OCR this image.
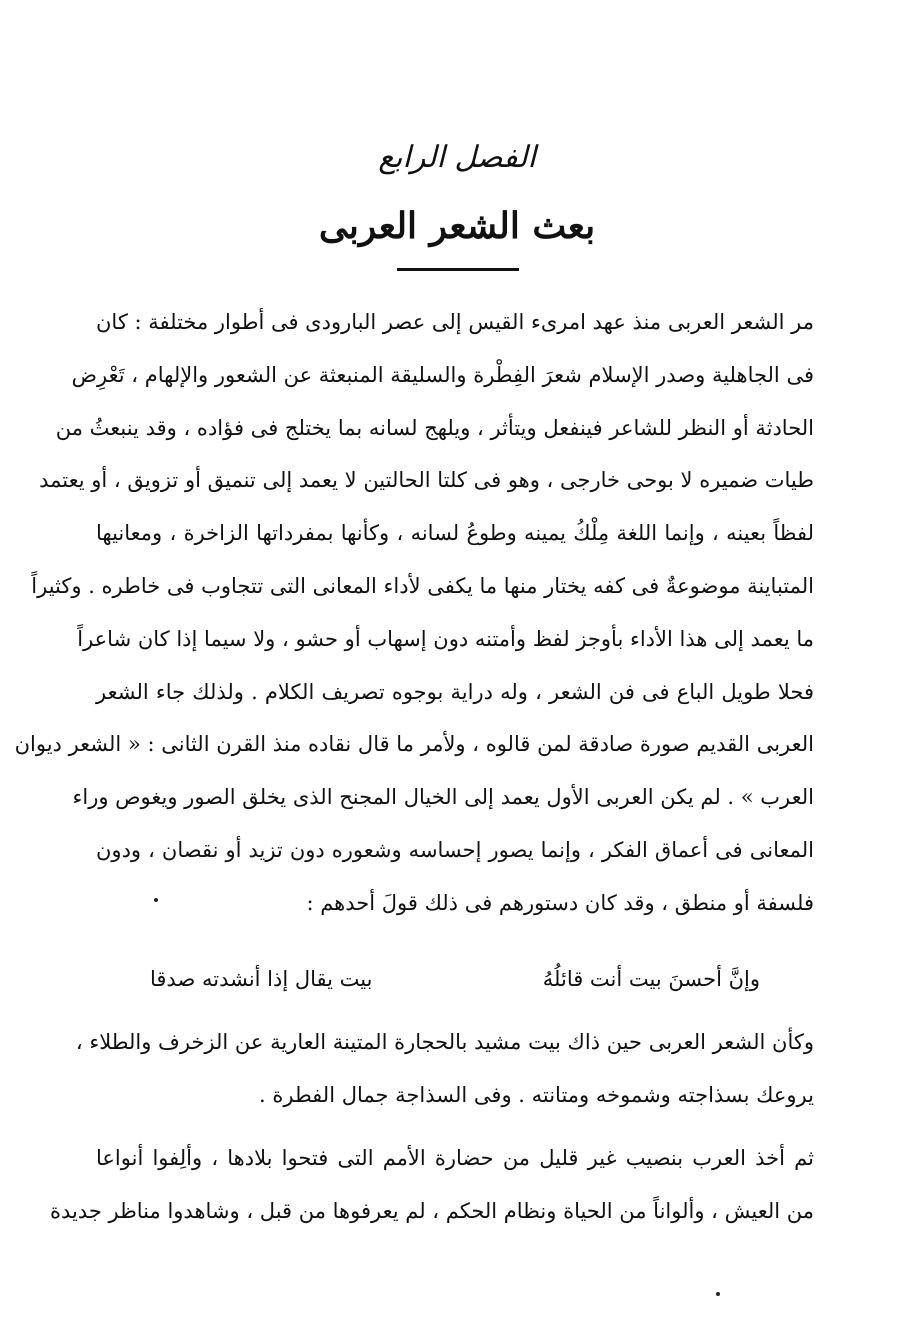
الفصل الرابع
بعث الشعر العربى
مر الشعر العربى منذ عهد امرىء القيس إلى عصر البارودى فى أطوار مختلفة : كان
فى الجاهلية وصدر الإسلام شعرَ الفِطْرة والسليقة المنبعثة عن الشعور والإلهام ، تَعْرِض
الحادثة أو النظر للشاعر فينفعل ويتأثر ، ويلهج لسانه بما يختلج فى فؤاده ، وقد ينبعثُ من
طيات ضميره لا بوحى خارجى ، وهو فى كلتا الحالتين لا يعمد إلى تنميق أو تزويق ، أو يعتمد
لفظاً بعينه ، وإنما اللغة مِلْكُ يمينه وطوعُ لسانه ، وكأنها بمفرداتها الزاخرة ، ومعانيها
المتباينة موضوعةٌ فى كفه يختار منها ما يكفى لأداء المعانى التى تتجاوب فى خاطره . وكثيراً
ما يعمد إلى هذا الأداء بأوجز لفظ وأمتنه دون إسهاب أو حشو ، ولا سيما إذا كان شاعراً
فحلا طويل الباع فى فن الشعر ، وله دراية بوجوه تصريف الكلام . ولذلك جاء الشعر
العربى القديم صورة صادقة لمن قالوه ، ولأمر ما قال نقاده منذ القرن الثانى : « الشعر ديوان
العرب » . لم يكن العربى الأول يعمد إلى الخيال المجنح الذى يخلق الصور ويغوص وراء
المعانى فى أعماق الفكر ، وإنما يصور إحساسه وشعوره دون تزيد أو نقصان ، ودون
فلسفة أو منطق ، وقد كان دستورهم فى ذلك قولَ أحدهم :
وإنَّ أحسنَ بيت أنت قائلُهُ
بيت يقال إذا أنشدته صدقا
وكأن الشعر العربى حين ذاك بيت مشيد بالحجارة المتينة العارية عن الزخرف والطلاء ،
يروعك بسذاجته وشموخه ومتانته . وفى السذاجة جمال الفطرة .
ثم أخذ العرب بنصيب غير قليل من حضارة الأمم التى فتحوا بلادها ، وألِفوا أنواعا
من العيش ، وألواناً من الحياة ونظام الحكم ، لم يعرفوها من قبل ، وشاهدوا مناظر جديدة
